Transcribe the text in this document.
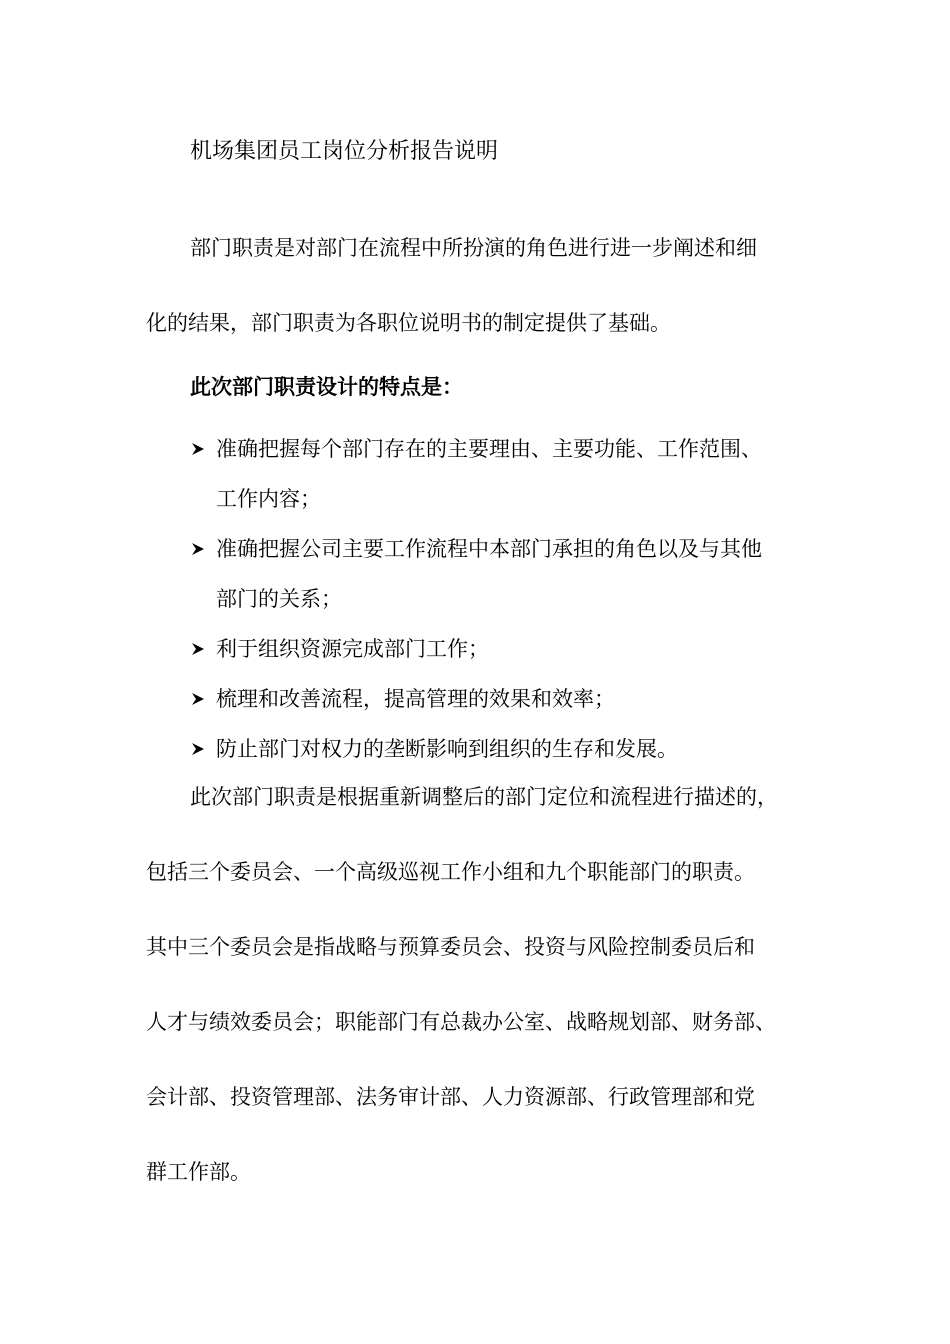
机场集团员工岗位分析报告说明
部门职责是对部门在流程中所扮演的角色进行进一步阐述和细
化的结果，部门职责为各职位说明书的制定提供了基础。
此次部门职责设计的特点是：
准确把握每个部门存在的主要理由、主要功能、工作范围、
工作内容；
准确把握公司主要工作流程中本部门承担的角色以及与其他
部门的关系；
利于组织资源完成部门工作；
梳理和改善流程，提高管理的效果和效率；
防止部门对权力的垄断影响到组织的生存和发展。
此次部门职责是根据重新调整后的部门定位和流程进行描述的，
包括三个委员会、一个高级巡视工作小组和九个职能部门的职责。
其中三个委员会是指战略与预算委员会、投资与风险控制委员后和
人才与绩效委员会；职能部门有总裁办公室、战略规划部、财务部、
会计部、投资管理部、法务审计部、人力资源部、行政管理部和党
群工作部。
